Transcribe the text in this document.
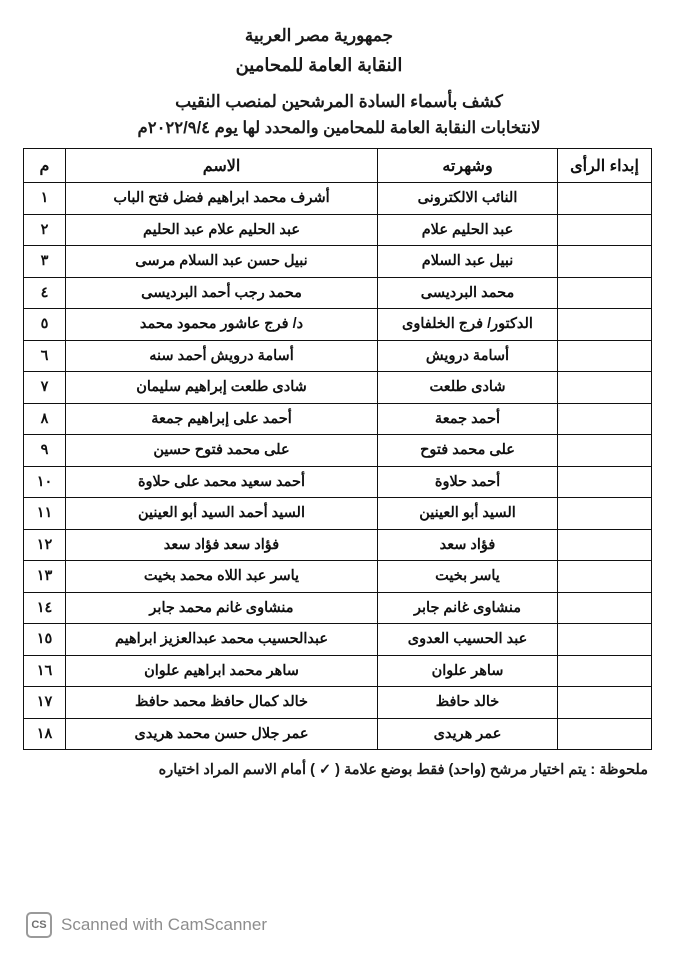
جمهورية مصر العربية
النقابة العامة للمحامين
كشف بأسماء السادة المرشحين لمنصب النقيب
لانتخابات النقابة العامة للمحامين والمحدد لها يوم ٢٠٢٢/٩/٤م
إبداء الرأى	وشهرته	الاسم	م
	النائب الالكترونى	أشرف محمد ابراهيم فضل فتح الباب	١
	عبد الحليم علام	عبد الحليم علام عبد الحليم	٢
	نبيل عبد السلام	نبيل حسن عبد السلام مرسى	٣
	محمد البرديسى	محمد رجب أحمد البرديسى	٤
	الدكتور/ فرج الخلفاوى	د/ فرج عاشور محمود محمد	٥
	أسامة درويش	أسامة درويش أحمد سنه	٦
	شادى طلعت	شادى طلعت إبراهيم سليمان	٧
	أحمد جمعة	أحمد على إبراهيم جمعة	٨
	على محمد فتوح	على محمد فتوح حسين	٩
	أحمد حلاوة	أحمد سعيد محمد على حلاوة	١٠
	السيد أبو العينين	السيد أحمد السيد أبو العينين	١١
	فؤاد سعد	فؤاد سعد فؤاد سعد	١٢
	ياسر بخيت	ياسر عبد اللاه محمد بخيت	١٣
	منشاوى غانم جابر	منشاوى غانم محمد جابر	١٤
	عبد الحسيب العدوى	عبدالحسيب محمد عبدالعزيز ابراهيم	١٥
	ساهر علوان	ساهر محمد ابراهيم علوان	١٦
	خالد حافظ	خالد كمال حافظ محمد حافظ	١٧
	عمر هريدى	عمر جلال حسن محمد هريدى	١٨
ملحوظة : يتم اختيار مرشح (واحد) فقط بوضع علامة ( ✓ ) أمام الاسم المراد اختياره
CS Scanned with CamScanner
